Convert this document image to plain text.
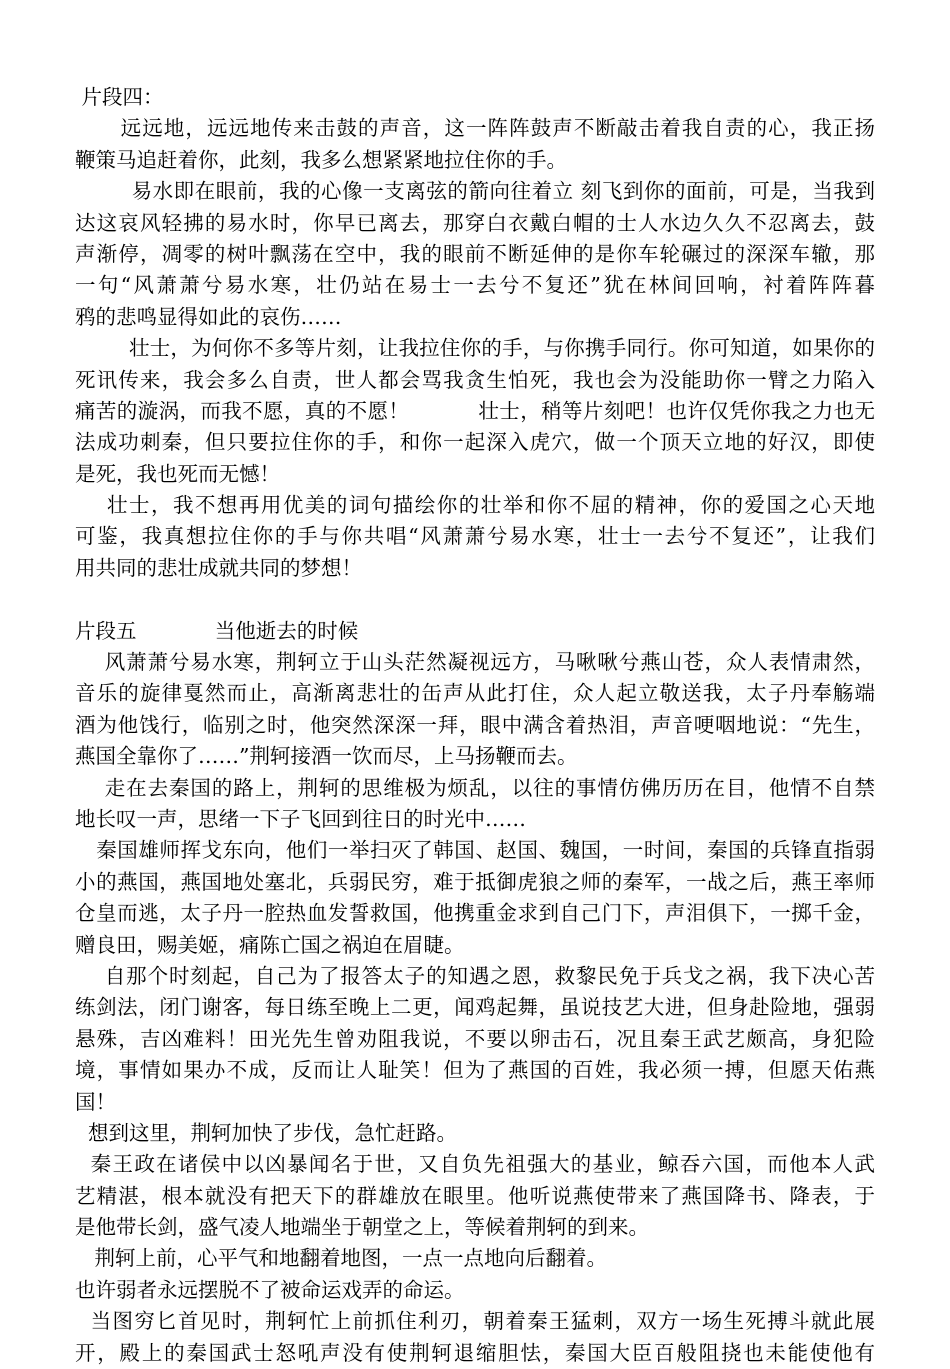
片段四：
远远地，远远地传来击鼓的声音，这一阵阵鼓声不断敲击着我自责的心，我正扬
鞭策马追赶着你，此刻，我多么想紧紧地拉住你的手。
易水即在眼前，我的心像一支离弦的箭向往着立 刻飞到你的面前，可是，当我到
达这哀风轻拂的易水时，你早已离去，那穿白衣戴白帽的士人水边久久不忍离去，鼓
声渐停，凋零的树叶飘荡在空中，我的眼前不断延伸的是你车轮碾过的深深车辙，那
一句“风萧萧兮易水寒，壮仍站在易士一去兮不复还”犹在林间回响，衬着阵阵暮
鸦的悲鸣显得如此的哀伤……
壮士，为何你不多等片刻，让我拉住你的手，与你携手同行。你可知道，如果你的
死讯传来，我会多么自责，世人都会骂我贪生怕死，我也会为没能助你一臂之力陷入
痛苦的漩涡，而我不愿，真的不愿！          壮士，稍等片刻吧！也许仅凭你我之力也无
法成功刺秦，但只要拉住你的手，和你一起深入虎穴，做一个顶天立地的好汉，即使
是死，我也死而无憾！
壮士，我不想再用优美的词句描绘你的壮举和你不屈的精神，你的爱国之心天地
可鉴，我真想拉住你的手与你共唱“风萧萧兮易水寒，壮士一去兮不复还”，让我们
用共同的悲壮成就共同的梦想！
片段五            当他逝去的时候
风萧萧兮易水寒，荆轲立于山头茫然凝视远方，马啾啾兮燕山苍，众人表情肃然，
音乐的旋律戛然而止，高渐离悲壮的缶声从此打住，众人起立敬送我，太子丹奉觞端
酒为他饯行，临别之时，他突然深深一拜，眼中满含着热泪，声音哽咽地说：“先生，
燕国全靠你了……”荆轲接酒一饮而尽，上马扬鞭而去。
走在去秦国的路上，荆轲的思维极为烦乱，以往的事情仿佛历历在目，他情不自禁
地长叹一声，思绪一下子飞回到往日的时光中……
秦国雄师挥戈东向，他们一举扫灭了韩国、赵国、魏国，一时间，秦国的兵锋直指弱
小的燕国，燕国地处塞北，兵弱民穷，难于抵御虎狼之师的秦军，一战之后，燕王率师
仓皇而逃，太子丹一腔热血发誓救国，他携重金求到自己门下，声泪俱下，一掷千金，
赠良田，赐美姬，痛陈亡国之祸迫在眉睫。
自那个时刻起，自己为了报答太子的知遇之恩，救黎民免于兵戈之祸，我下决心苦
练剑法，闭门谢客，每日练至晚上二更，闻鸡起舞，虽说技艺大进，但身赴险地，强弱
悬殊，吉凶难料！田光先生曾劝阻我说，不要以卵击石，况且秦王武艺颇高，身犯险
境，事情如果办不成，反而让人耻笑！但为了燕国的百姓，我必须一搏，但愿天佑燕
国！
想到这里，荆轲加快了步伐，急忙赶路。
秦王政在诸侯中以凶暴闻名于世，又自负先祖强大的基业，鲸吞六国，而他本人武
艺精湛，根本就没有把天下的群雄放在眼里。他听说燕使带来了燕国降书、降表，于
是他带长剑，盛气凌人地端坐于朝堂之上，等候着荆轲的到来。
荆轲上前，心平气和地翻着地图，一点一点地向后翻着。
也许弱者永远摆脱不了被命运戏弄的命运。
当图穷匕首见时，荆轲忙上前抓住利刃，朝着秦王猛刺，双方一场生死搏斗就此展
开，殿上的秦国武士怒吼声没有使荆轲退缩胆怯，秦国大臣百般阻挠也未能使他有
